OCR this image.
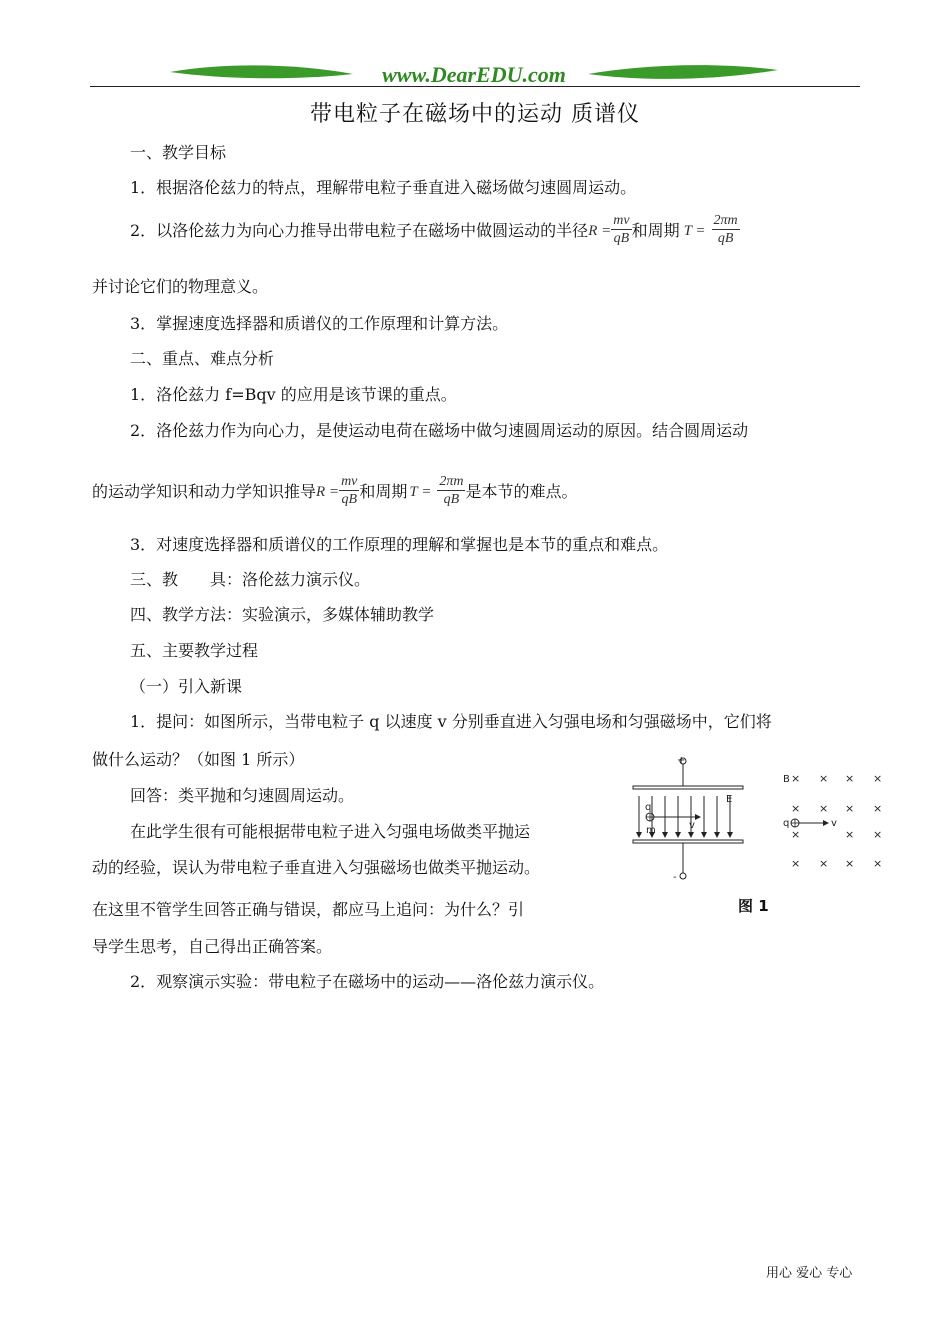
www.DearEDU.com
带电粒子在磁场中的运动 质谱仪
一、教学目标
1．根据洛伦兹力的特点，理解带电粒子垂直进入磁场做匀速圆周运动。
2．以洛伦兹力为向心力推导出带电粒子在磁场中做圆运动的半径 $R = \frac{mv}{qB}$ 和周期 $T = \frac{2\pi m}{qB}$
并讨论它们的物理意义。
3．掌握速度选择器和质谱仪的工作原理和计算方法。
二、重点、难点分析
1．洛伦兹力 f=Bqv 的应用是该节课的重点。
2．洛伦兹力作为向心力，是使运动电荷在磁场中做匀速圆周运动的原因。结合圆周运动
的运动学知识和动力学知识推导 $R = \frac{mv}{qB}$ 和周期 $T = \frac{2\pi m}{qB}$ 是本节的难点。
3．对速度选择器和质谱仪的工作原理的理解和掌握也是本节的重点和难点。
三、教　　具：洛伦兹力演示仪。
四、教学方法：实验演示，多媒体辅助教学
五、主要教学过程
（一）引入新课
1．提问：如图所示，当带电粒子 q 以速度 v 分别垂直进入匀强电场和匀强磁场中，它们将
做什么运动？（如图 1 所示）
回答：类平抛和匀速圆周运动。
在此学生很有可能根据带电粒子进入匀强电场做类平抛运
动的经验，误认为带电粒子垂直进入匀强磁场也做类平抛运动。
在这里不管学生回答正确与错误，都应马上追问：为什么？引
导学生思考，自己得出正确答案。
2．观察演示实验：带电粒子在磁场中的运动——洛伦兹力演示仪。
+
-
E
q
v
m
B × × × ×
× × × ×
×	× ×
× × × ×
q	v
图 1
用心 爱心 专心
